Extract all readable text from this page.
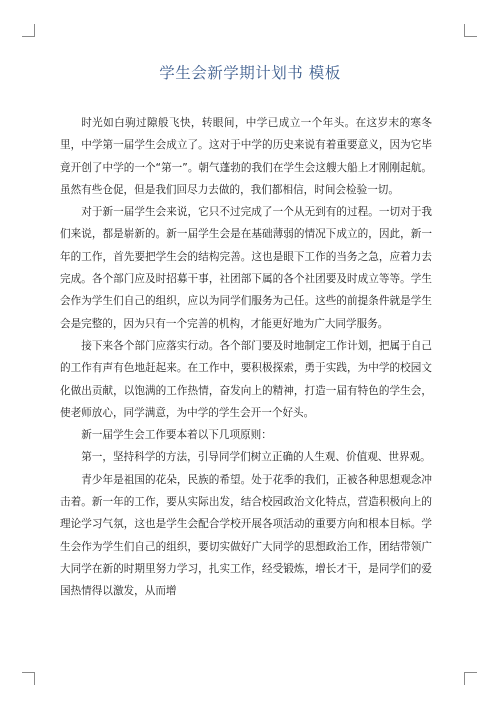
学生会新学期计划书 模板

时光如白驹过隙般飞快，转眼间，中学已成立一个年头。在这岁末的寒冬里，中学第一届学生会成立了。这对于中学的历史来说有着重要意义，因为它毕竟开创了中学的一个“第一”。朝气蓬勃的我们在学生会这艘大船上才刚刚起航。虽然有些仓促，但是我们回尽力去做的，我们都相信，时间会检验一切。

对于新一届学生会来说，它只不过完成了一个从无到有的过程。一切对于我们来说，都是崭新的。新一届学生会是在基础薄弱的情况下成立的，因此，新一年的工作，首先要把学生会的结构完善。这也是眼下工作的当务之急，应着力去完成。各个部门应及时招募干事，社团部下属的各个社团要及时成立等等。学生会作为学生们自己的组织，应以为同学们服务为己任。这些的前提条件就是学生会是完整的，因为只有一个完善的机构，才能更好地为广大同学服务。

接下来各个部门应落实行动。各个部门要及时地制定工作计划，把属于自己的工作有声有色地赶起来。在工作中，要积极探索，勇于实践，为中学的校园文化做出贡献，以饱满的工作热情，奋发向上的精神，打造一届有特色的学生会，使老师放心，同学满意，为中学的学生会开一个好头。

新一届学生会工作要本着以下几项原则：

第一，坚持科学的方法，引导同学们树立正确的人生观、价值观、世界观。

青少年是祖国的花朵，民族的希望。处于花季的我们，正被各种思想观念冲击着。新一年的工作，要从实际出发，结合校园政治文化特点，营造积极向上的理论学习气氛，这也是学生会配合学校开展各项活动的重要方向和根本目标。学生会作为学生们自己的组织，要切实做好广大同学的思想政治工作，团结带领广大同学在新的时期里努力学习，扎实工作，经受锻炼，增长才干，是同学们的爱国热情得以激发，从而增
